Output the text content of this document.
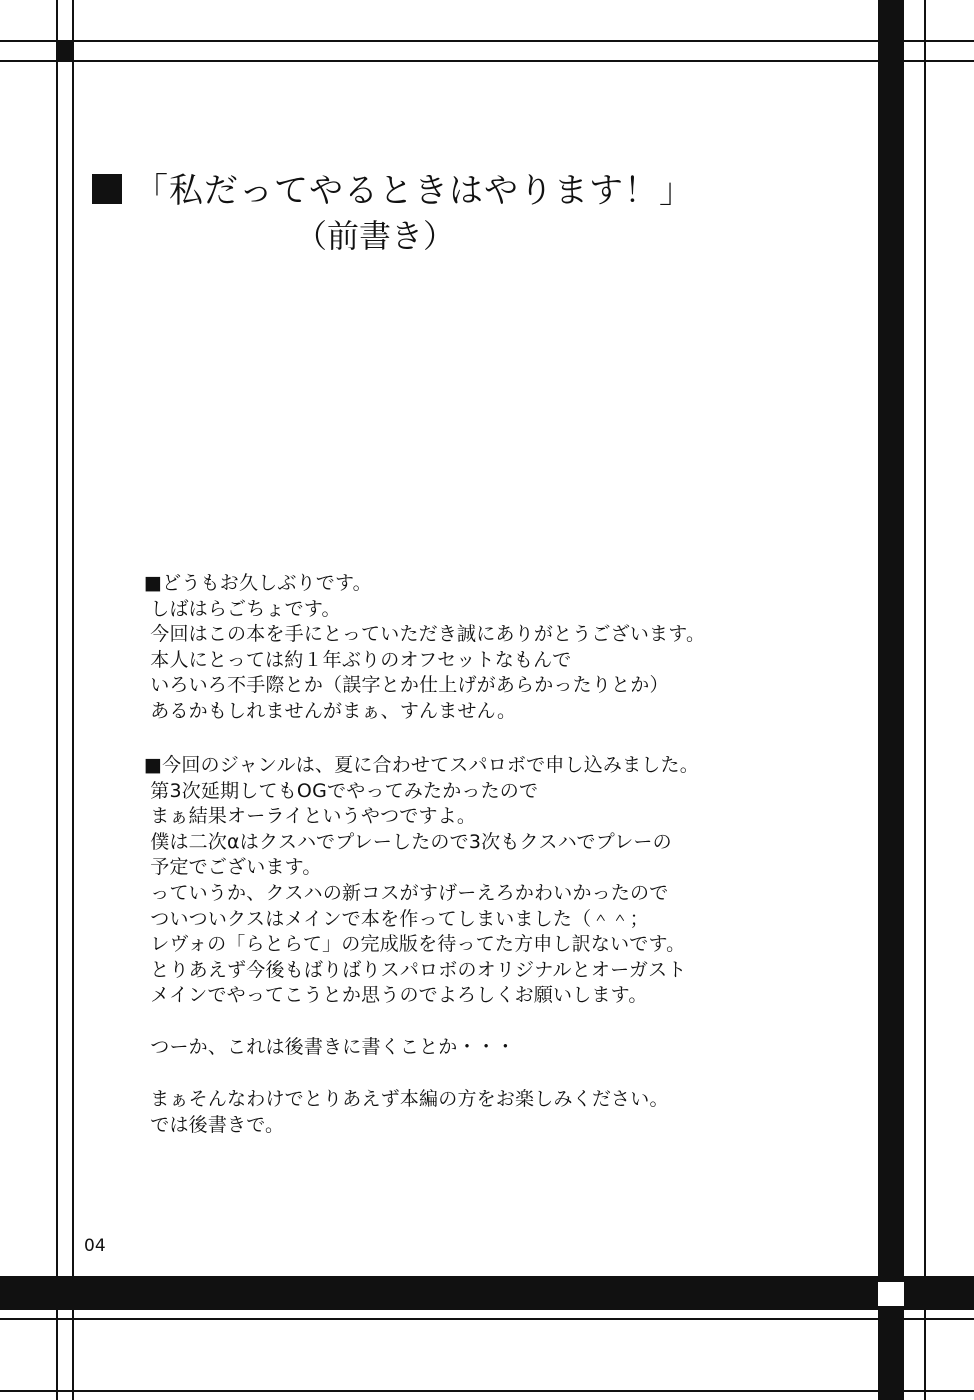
「私だってやるときはやります！」
（前書き）
■どうもお久しぶりです。
しばはらごちょです。
今回はこの本を手にとっていただき誠にありがとうございます。
本人にとっては約１年ぶりのオフセットなもんで
いろいろ不手際とか（誤字とか仕上げがあらかったりとか）
あるかもしれませんがまぁ、すんません。
■今回のジャンルは、夏に合わせてスパロボで申し込みました。
第3次延期してもOGでやってみたかったので
まぁ結果オーライというやつですよ。
僕は二次αはクスハでプレーしたので3次もクスハでプレーの
予定でございます。
っていうか、クスハの新コスがすげーえろかわいかったので
ついついクスはメインで本を作ってしまいました（＾＾；
レヴォの「らとらて」の完成版を待ってた方申し訳ないです。
とりあえず今後もばりばりスパロボのオリジナルとオーガスト
メインでやってこうとか思うのでよろしくお願いします。
つーか、これは後書きに書くことか・・・
まぁそんなわけでとりあえず本編の方をお楽しみください。
では後書きで。
04
